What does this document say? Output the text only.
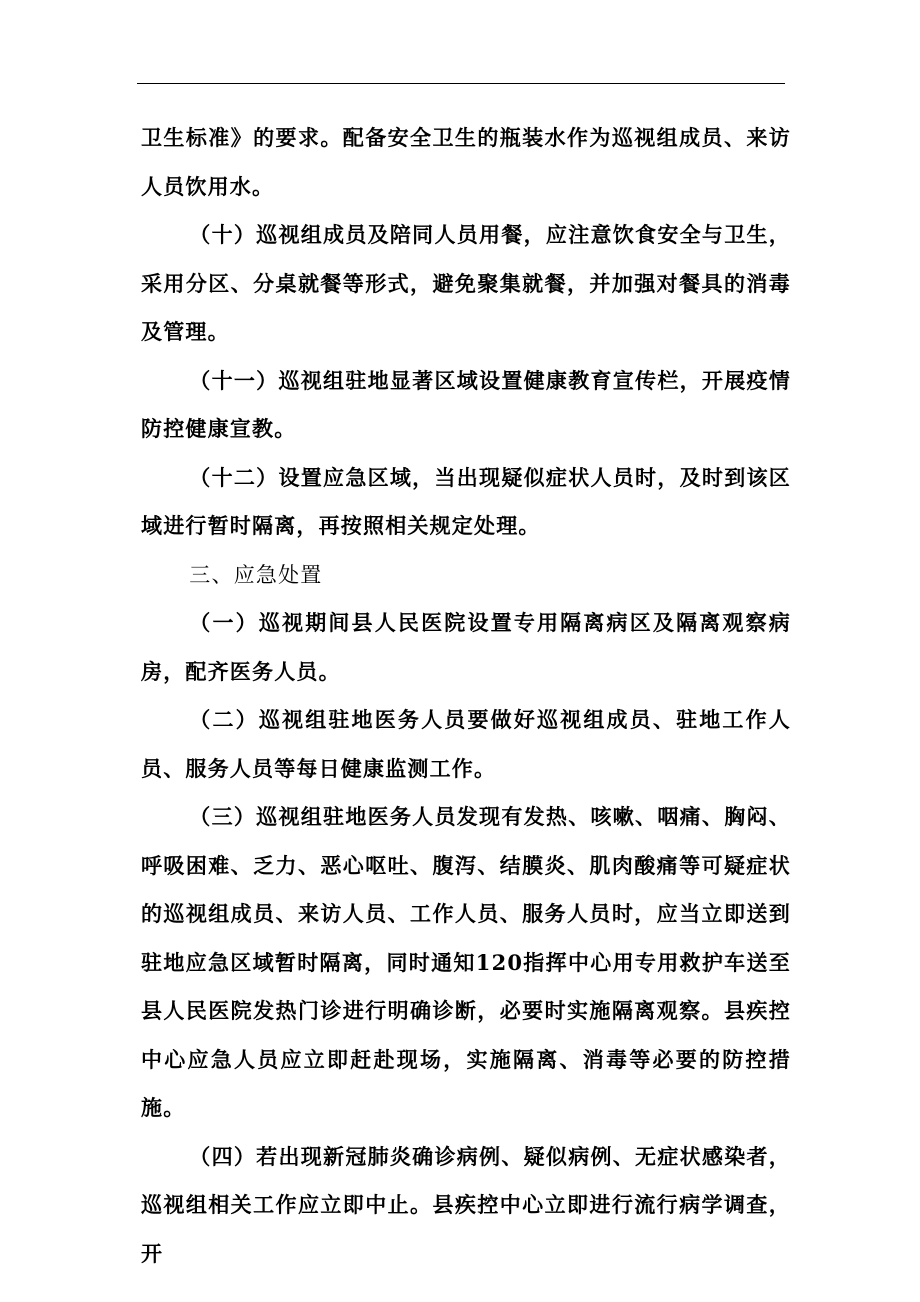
卫生标准》的要求。配备安全卫生的瓶装水作为巡视组成员、来访人员饮用水。

（十）巡视组成员及陪同人员用餐，应注意饮食安全与卫生，采用分区、分桌就餐等形式，避免聚集就餐，并加强对餐具的消毒及管理。

（十一）巡视组驻地显著区域设置健康教育宣传栏，开展疫情防控健康宣教。

（十二）设置应急区域，当出现疑似症状人员时，及时到该区域进行暂时隔离，再按照相关规定处理。

三、应急处置

（一）巡视期间县人民医院设置专用隔离病区及隔离观察病房，配齐医务人员。

（二）巡视组驻地医务人员要做好巡视组成员、驻地工作人员、服务人员等每日健康监测工作。

（三）巡视组驻地医务人员发现有发热、咳嗽、咽痛、胸闷、呼吸困难、乏力、恶心呕吐、腹泻、结膜炎、肌肉酸痛等可疑症状的巡视组成员、来访人员、工作人员、服务人员时，应当立即送到驻地应急区域暂时隔离，同时通知120指挥中心用专用救护车送至县人民医院发热门诊进行明确诊断，必要时实施隔离观察。县疾控中心应急人员应立即赶赴现场，实施隔离、消毒等必要的防控措施。

（四）若出现新冠肺炎确诊病例、疑似病例、无症状感染者，巡视组相关工作应立即中止。县疾控中心立即进行流行病学调查，开
